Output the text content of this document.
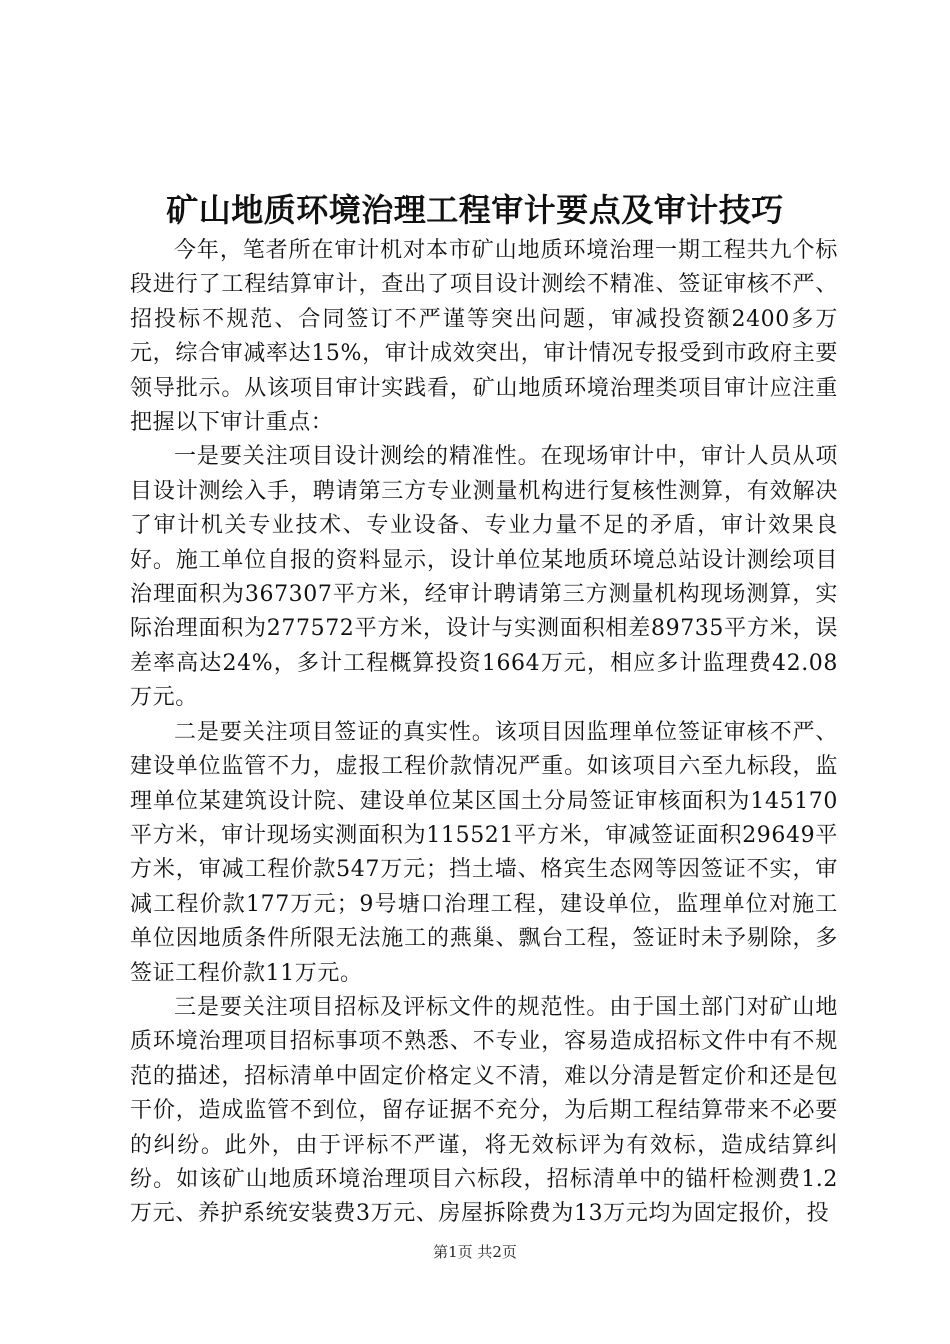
矿山地质环境治理工程审计要点及审计技巧

今年，笔者所在审计机对本市矿山地质环境治理一期工程共九个标段进行了工程结算审计，查出了项目设计测绘不精准、签证审核不严、招投标不规范、合同签订不严谨等突出问题，审减投资额2400多万元，综合审减率达15%，审计成效突出，审计情况专报受到市政府主要领导批示。从该项目审计实践看，矿山地质环境治理类项目审计应注重把握以下审计重点：

一是要关注项目设计测绘的精准性。在现场审计中，审计人员从项目设计测绘入手，聘请第三方专业测量机构进行复核性测算，有效解决了审计机关专业技术、专业设备、专业力量不足的矛盾，审计效果良好。施工单位自报的资料显示，设计单位某地质环境总站设计测绘项目治理面积为367307平方米，经审计聘请第三方测量机构现场测算，实际治理面积为277572平方米，设计与实测面积相差89735平方米，误差率高达24%，多计工程概算投资1664万元，相应多计监理费42.08万元。

二是要关注项目签证的真实性。该项目因监理单位签证审核不严、建设单位监管不力，虚报工程价款情况严重。如该项目六至九标段，监理单位某建筑设计院、建设单位某区国土分局签证审核面积为145170平方米，审计现场实测面积为115521平方米，审减签证面积29649平方米，审减工程价款547万元；挡土墙、格宾生态网等因签证不实，审减工程价款177万元；9号塘口治理工程，建设单位，监理单位对施工单位因地质条件所限无法施工的燕巢、飘台工程，签证时未予剔除，多签证工程价款11万元。

三是要关注项目招标及评标文件的规范性。由于国土部门对矿山地质环境治理项目招标事项不熟悉、不专业，容易造成招标文件中有不规范的描述，招标清单中固定价格定义不清，难以分清是暂定价和还是包干价，造成监管不到位，留存证据不充分，为后期工程结算带来不必要的纠纷。此外，由于评标不严谨，将无效标评为有效标，造成结算纠纷。如该矿山地质环境治理项目六标段，招标清单中的锚杆检测费1.2万元、养护系统安装费3万元、房屋拆除费为13万元均为固定报价，投

第1页 共2页
